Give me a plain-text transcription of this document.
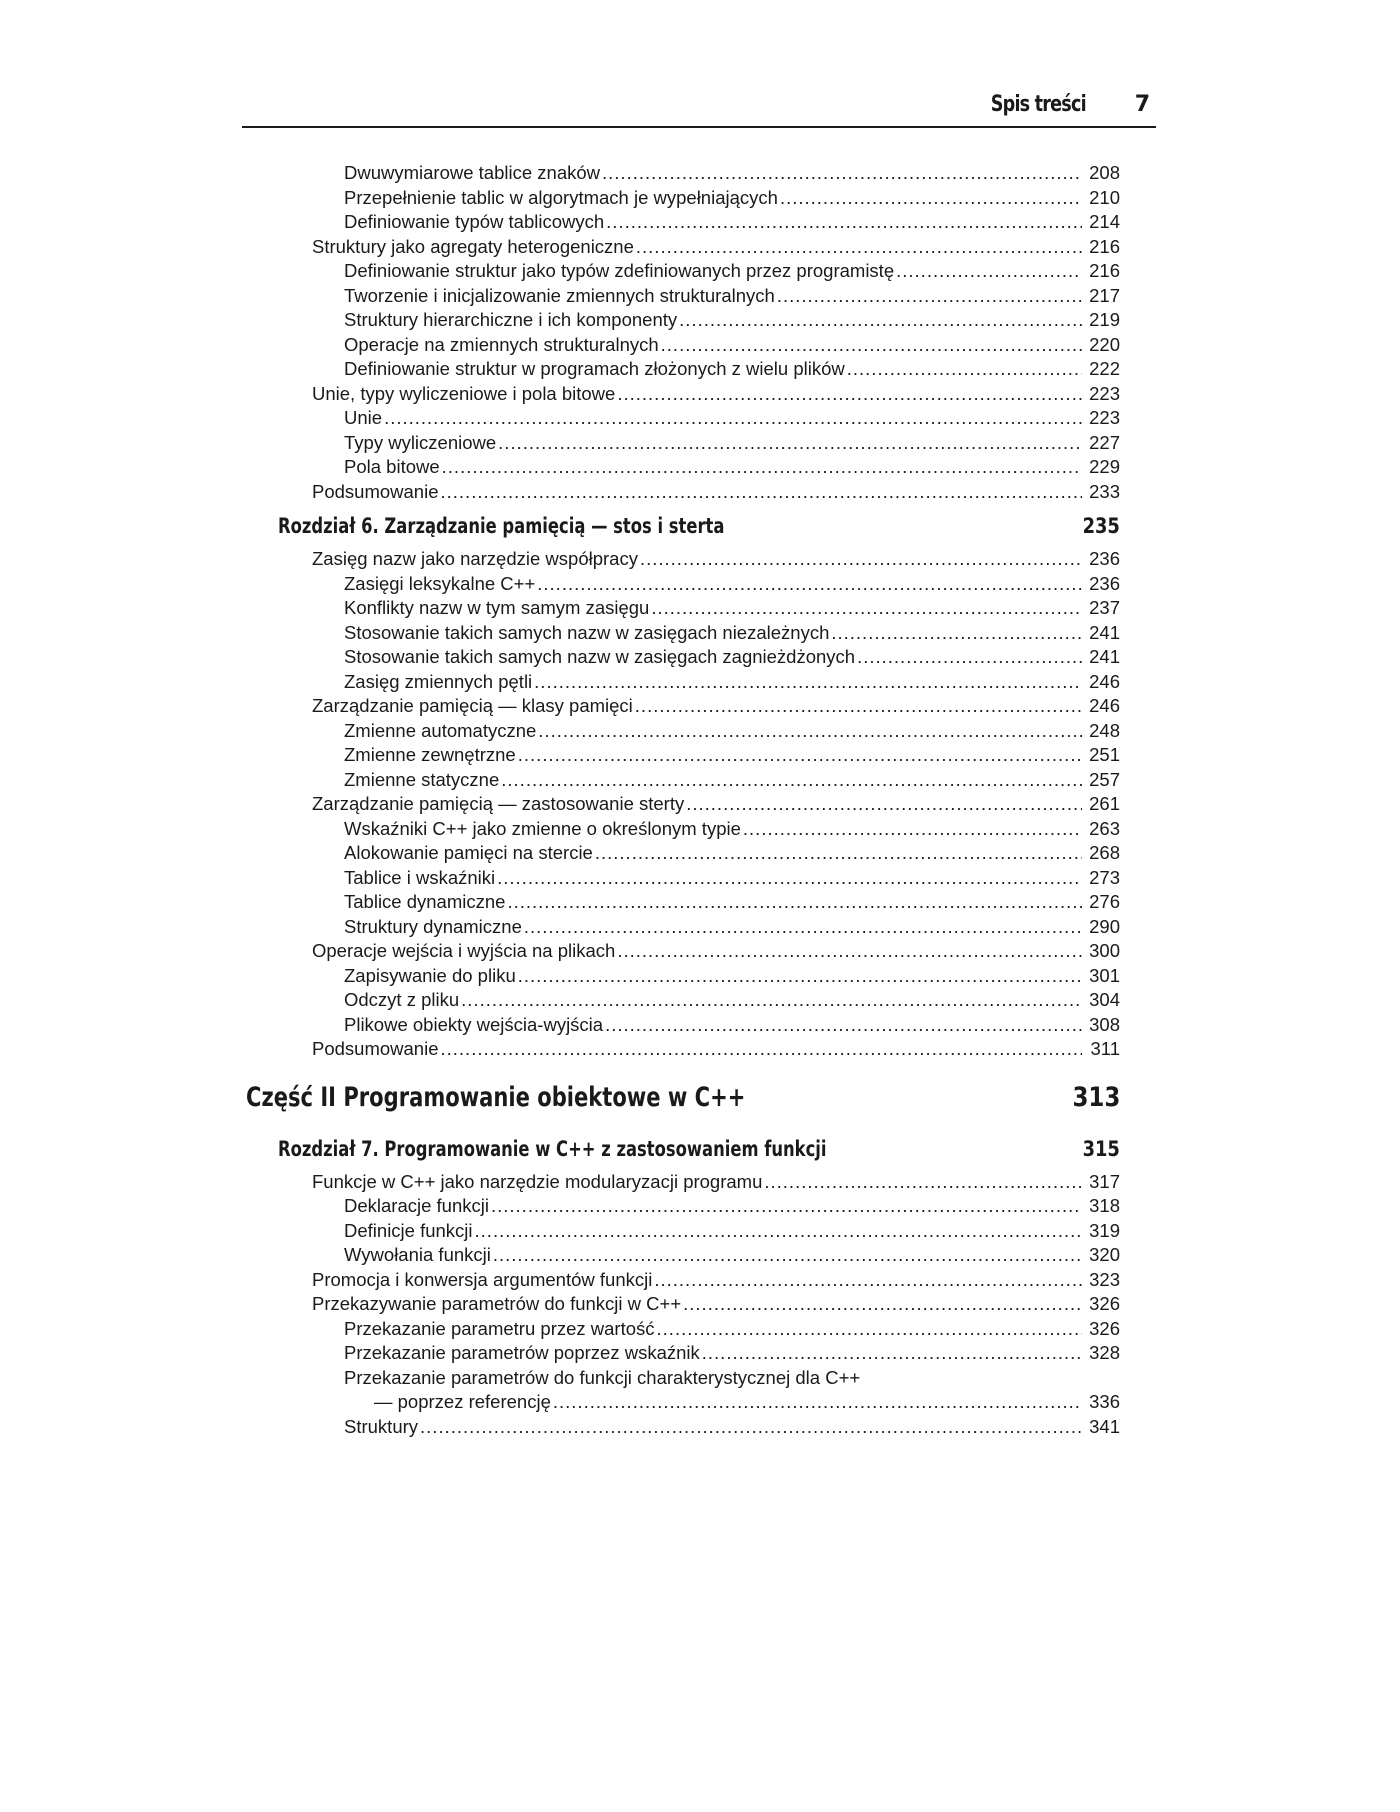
Spis treści 7
Dwuwymiarowe tablice znaków .....	208
Przepełnienie tablic w algorytmach je wypełniających .....	210
Definiowanie typów tablicowych .....	214
Struktury jako agregaty heterogeniczne .....	216
Definiowanie struktur jako typów zdefiniowanych przez programistę .....	216
Tworzenie i inicjalizowanie zmiennych strukturalnych .....	217
Struktury hierarchiczne i ich komponenty .....	219
Operacje na zmiennych strukturalnych .....	220
Definiowanie struktur w programach złożonych z wielu plików .....	222
Unie, typy wyliczeniowe i pola bitowe .....	223
Unie .....	223
Typy wyliczeniowe .....	227
Pola bitowe .....	229
Podsumowanie .....	233
Rozdział 6. Zarządzanie pamięcią — stos i sterta	235
Zasięg nazw jako narzędzie współpracy .....	236
Zasięgi leksykalne C++ .....	236
Konflikty nazw w tym samym zasięgu .....	237
Stosowanie takich samych nazw w zasięgach niezależnych .....	241
Stosowanie takich samych nazw w zasięgach zagnieżdżonych .....	241
Zasięg zmiennych pętli .....	246
Zarządzanie pamięcią — klasy pamięci .....	246
Zmienne automatyczne .....	248
Zmienne zewnętrzne .....	251
Zmienne statyczne .....	257
Zarządzanie pamięcią — zastosowanie sterty .....	261
Wskaźniki C++ jako zmienne o określonym typie .....	263
Alokowanie pamięci na stercie .....	268
Tablice i wskaźniki .....	273
Tablice dynamiczne .....	276
Struktury dynamiczne .....	290
Operacje wejścia i wyjścia na plikach .....	300
Zapisywanie do pliku .....	301
Odczyt z pliku .....	304
Plikowe obiekty wejścia-wyjścia .....	308
Podsumowanie .....	311
Część II Programowanie obiektowe w C++	313
Rozdział 7. Programowanie w C++ z zastosowaniem funkcji	315
Funkcje w C++ jako narzędzie modularyzacji programu .....	317
Deklaracje funkcji .....	318
Definicje funkcji .....	319
Wywołania funkcji .....	320
Promocja i konwersja argumentów funkcji .....	323
Przekazywanie parametrów do funkcji w C++ .....	326
Przekazanie parametru przez wartość .....	326
Przekazanie parametrów poprzez wskaźnik .....	328
Przekazanie parametrów do funkcji charakterystycznej dla C++
— poprzez referencję .....	336
Struktury .....	341
